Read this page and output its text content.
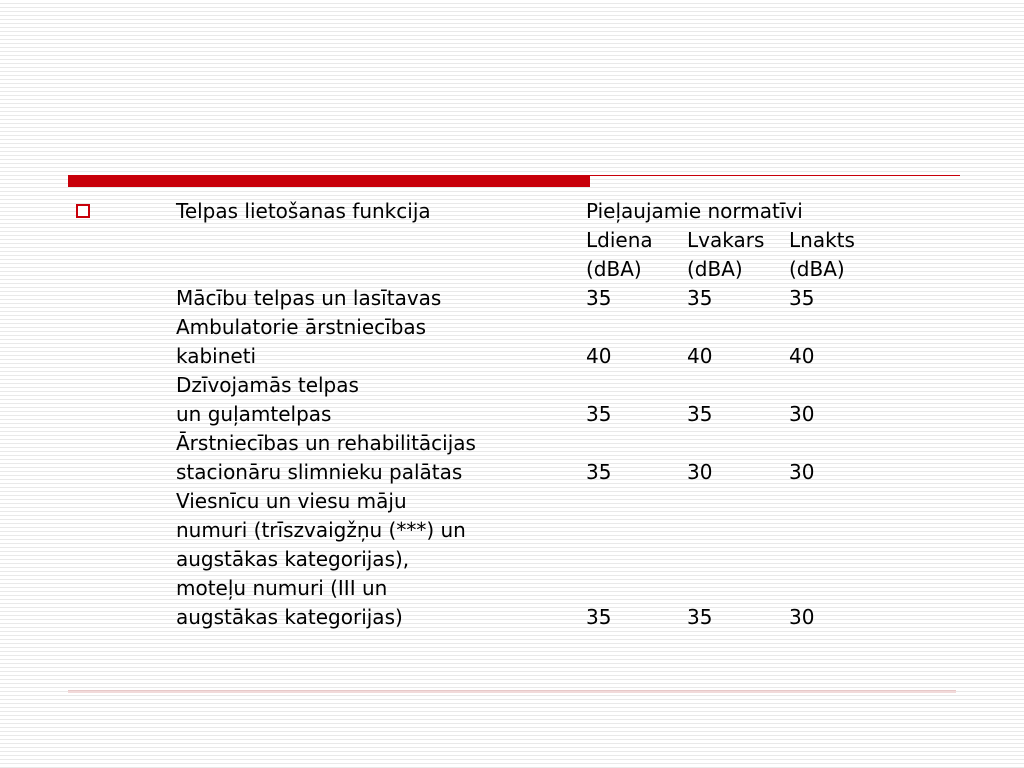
Telpas lietošanas funkcija	Pieļaujamie normatīvi		
	Ldiena	Lvakars	Lnakts
	(dBA)	(dBA)	(dBA)

Mācību telpas un lasītavas	35	35	35

Ambulatorie ārstniecības
kabineti	40	40	40

Dzīvojamās telpas
un guļamtelpas	35	35	30

Ārstniecības un rehabilitācijas
stacionāru slimnieku palātas	35	30	30

Viesnīcu un viesu māju
numuri (trīszvaigžņu (***) un
augstākas kategorijas),
moteļu numuri (III un
augstākas kategorijas)	35	35	30
